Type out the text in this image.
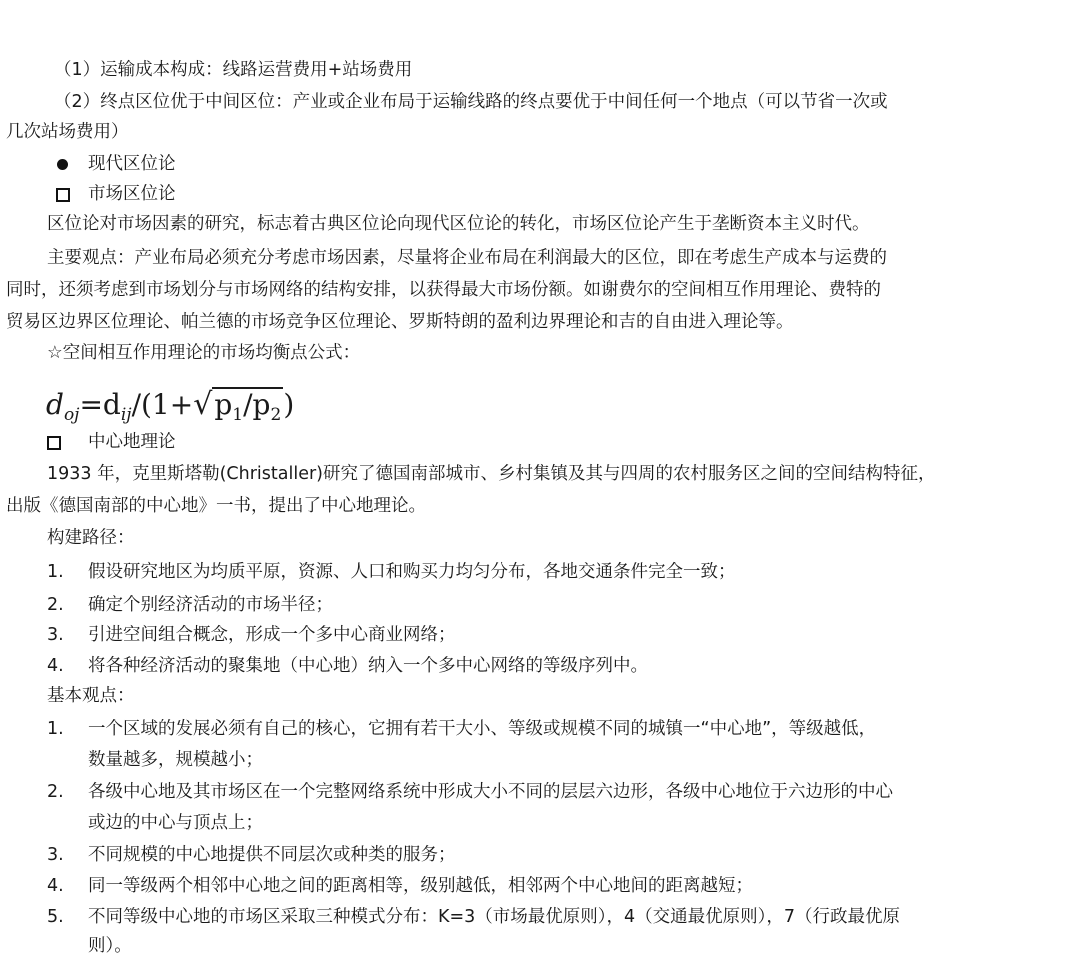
（1）运输成本构成：线路运营费用+站场费用
（2）终点区位优于中间区位：产业或企业布局于运输线路的终点要优于中间任何一个地点（可以节省一次或
几次站场费用）
现代区位论
市场区位论
区位论对市场因素的研究，标志着古典区位论向现代区位论的转化，市场区位论产生于垄断资本主义时代。
主要观点：产业布局必须充分考虑市场因素，尽量将企业布局在利润最大的区位，即在考虑生产成本与运费的
同时，还须考虑到市场划分与市场网络的结构安排，以获得最大市场份额。如谢费尔的空间相互作用理论、费特的
贸易区边界区位理论、帕兰德的市场竞争区位理论、罗斯特朗的盈利边界理论和吉的自由进入理论等。
☆空间相互作用理论的市场均衡点公式：
$d_{oj}=d_{ij}/(1+√p_1/p_2)$
中心地理论
1933 年，克里斯塔勒(Christaller)研究了德国南部城市、乡村集镇及其与四周的农村服务区之间的空间结构特征，
出版《德国南部的中心地》一书，提出了中心地理论。
构建路径：
1. 假设研究地区为均质平原，资源、人口和购买力均匀分布，各地交通条件完全一致；
2. 确定个别经济活动的市场半径；
3. 引进空间组合概念，形成一个多中心商业网络；
4. 将各种经济活动的聚集地（中心地）纳入一个多中心网络的等级序列中。
基本观点：
1. 一个区域的发展必须有自己的核心，它拥有若干大小、等级或规模不同的城镇一“中心地”，等级越低，
数量越多，规模越小；
2. 各级中心地及其市场区在一个完整网络系统中形成大小不同的层层六边形，各级中心地位于六边形的中心
或边的中心与顶点上；
3. 不同规模的中心地提供不同层次或种类的服务；
4. 同一等级两个相邻中心地之间的距离相等，级别越低，相邻两个中心地间的距离越短；
5. 不同等级中心地的市场区采取三种模式分布：K=3（市场最优原则），4（交通最优原则），7（行政最优原
则）。
